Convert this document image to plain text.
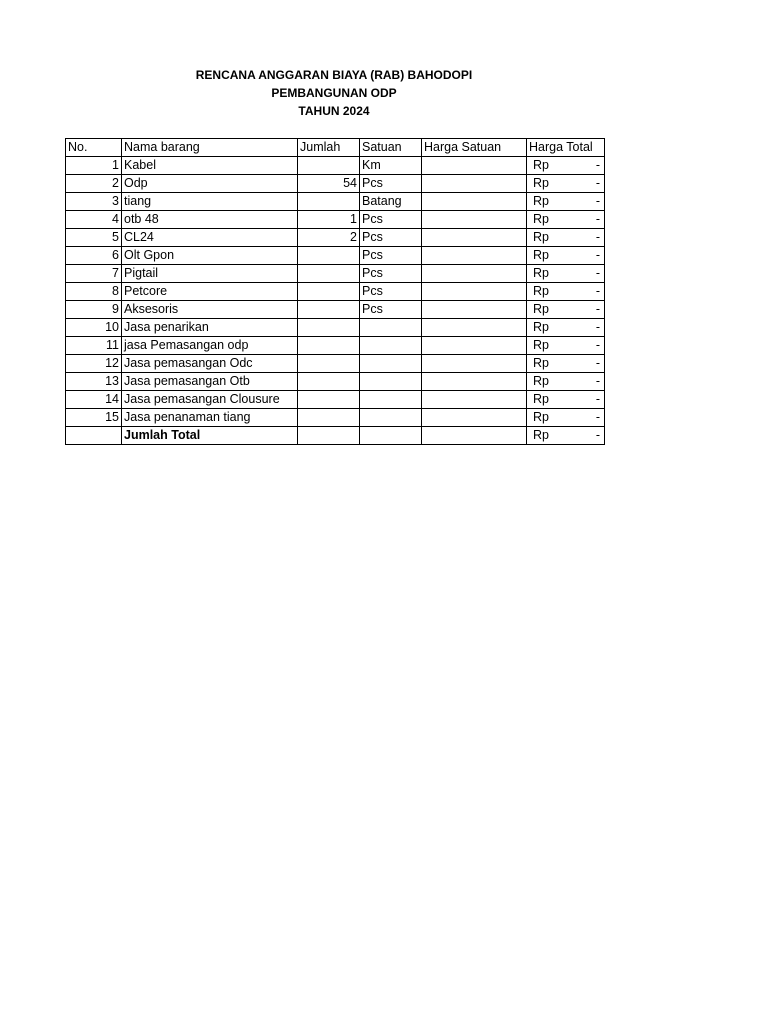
RENCANA ANGGARAN BIAYA (RAB) BAHODOPI
PEMBANGUNAN ODP
TAHUN 2024
No.	Nama barang	Jumlah	Satuan	Harga Satuan	Harga Total
1	Kabel		Km		Rp -

2	Odp	54	Pcs		Rp -

3	tiang		Batang		Rp -

4	otb 48	1	Pcs		Rp -

5	CL24	2	Pcs		Rp -

6	Olt Gpon		Pcs		Rp -

7	Pigtail		Pcs		Rp -

8	Petcore		Pcs		Rp -

9	Aksesoris		Pcs		Rp -

10	Jasa penarikan				Rp -

11	jasa Pemasangan odp				Rp -

12	Jasa pemasangan Odc				Rp -

13	Jasa pemasangan Otb				Rp -

14	Jasa pemasangan Clousure				Rp -

15	Jasa penanaman tiang				Rp -

	Jumlah Total				Rp -
